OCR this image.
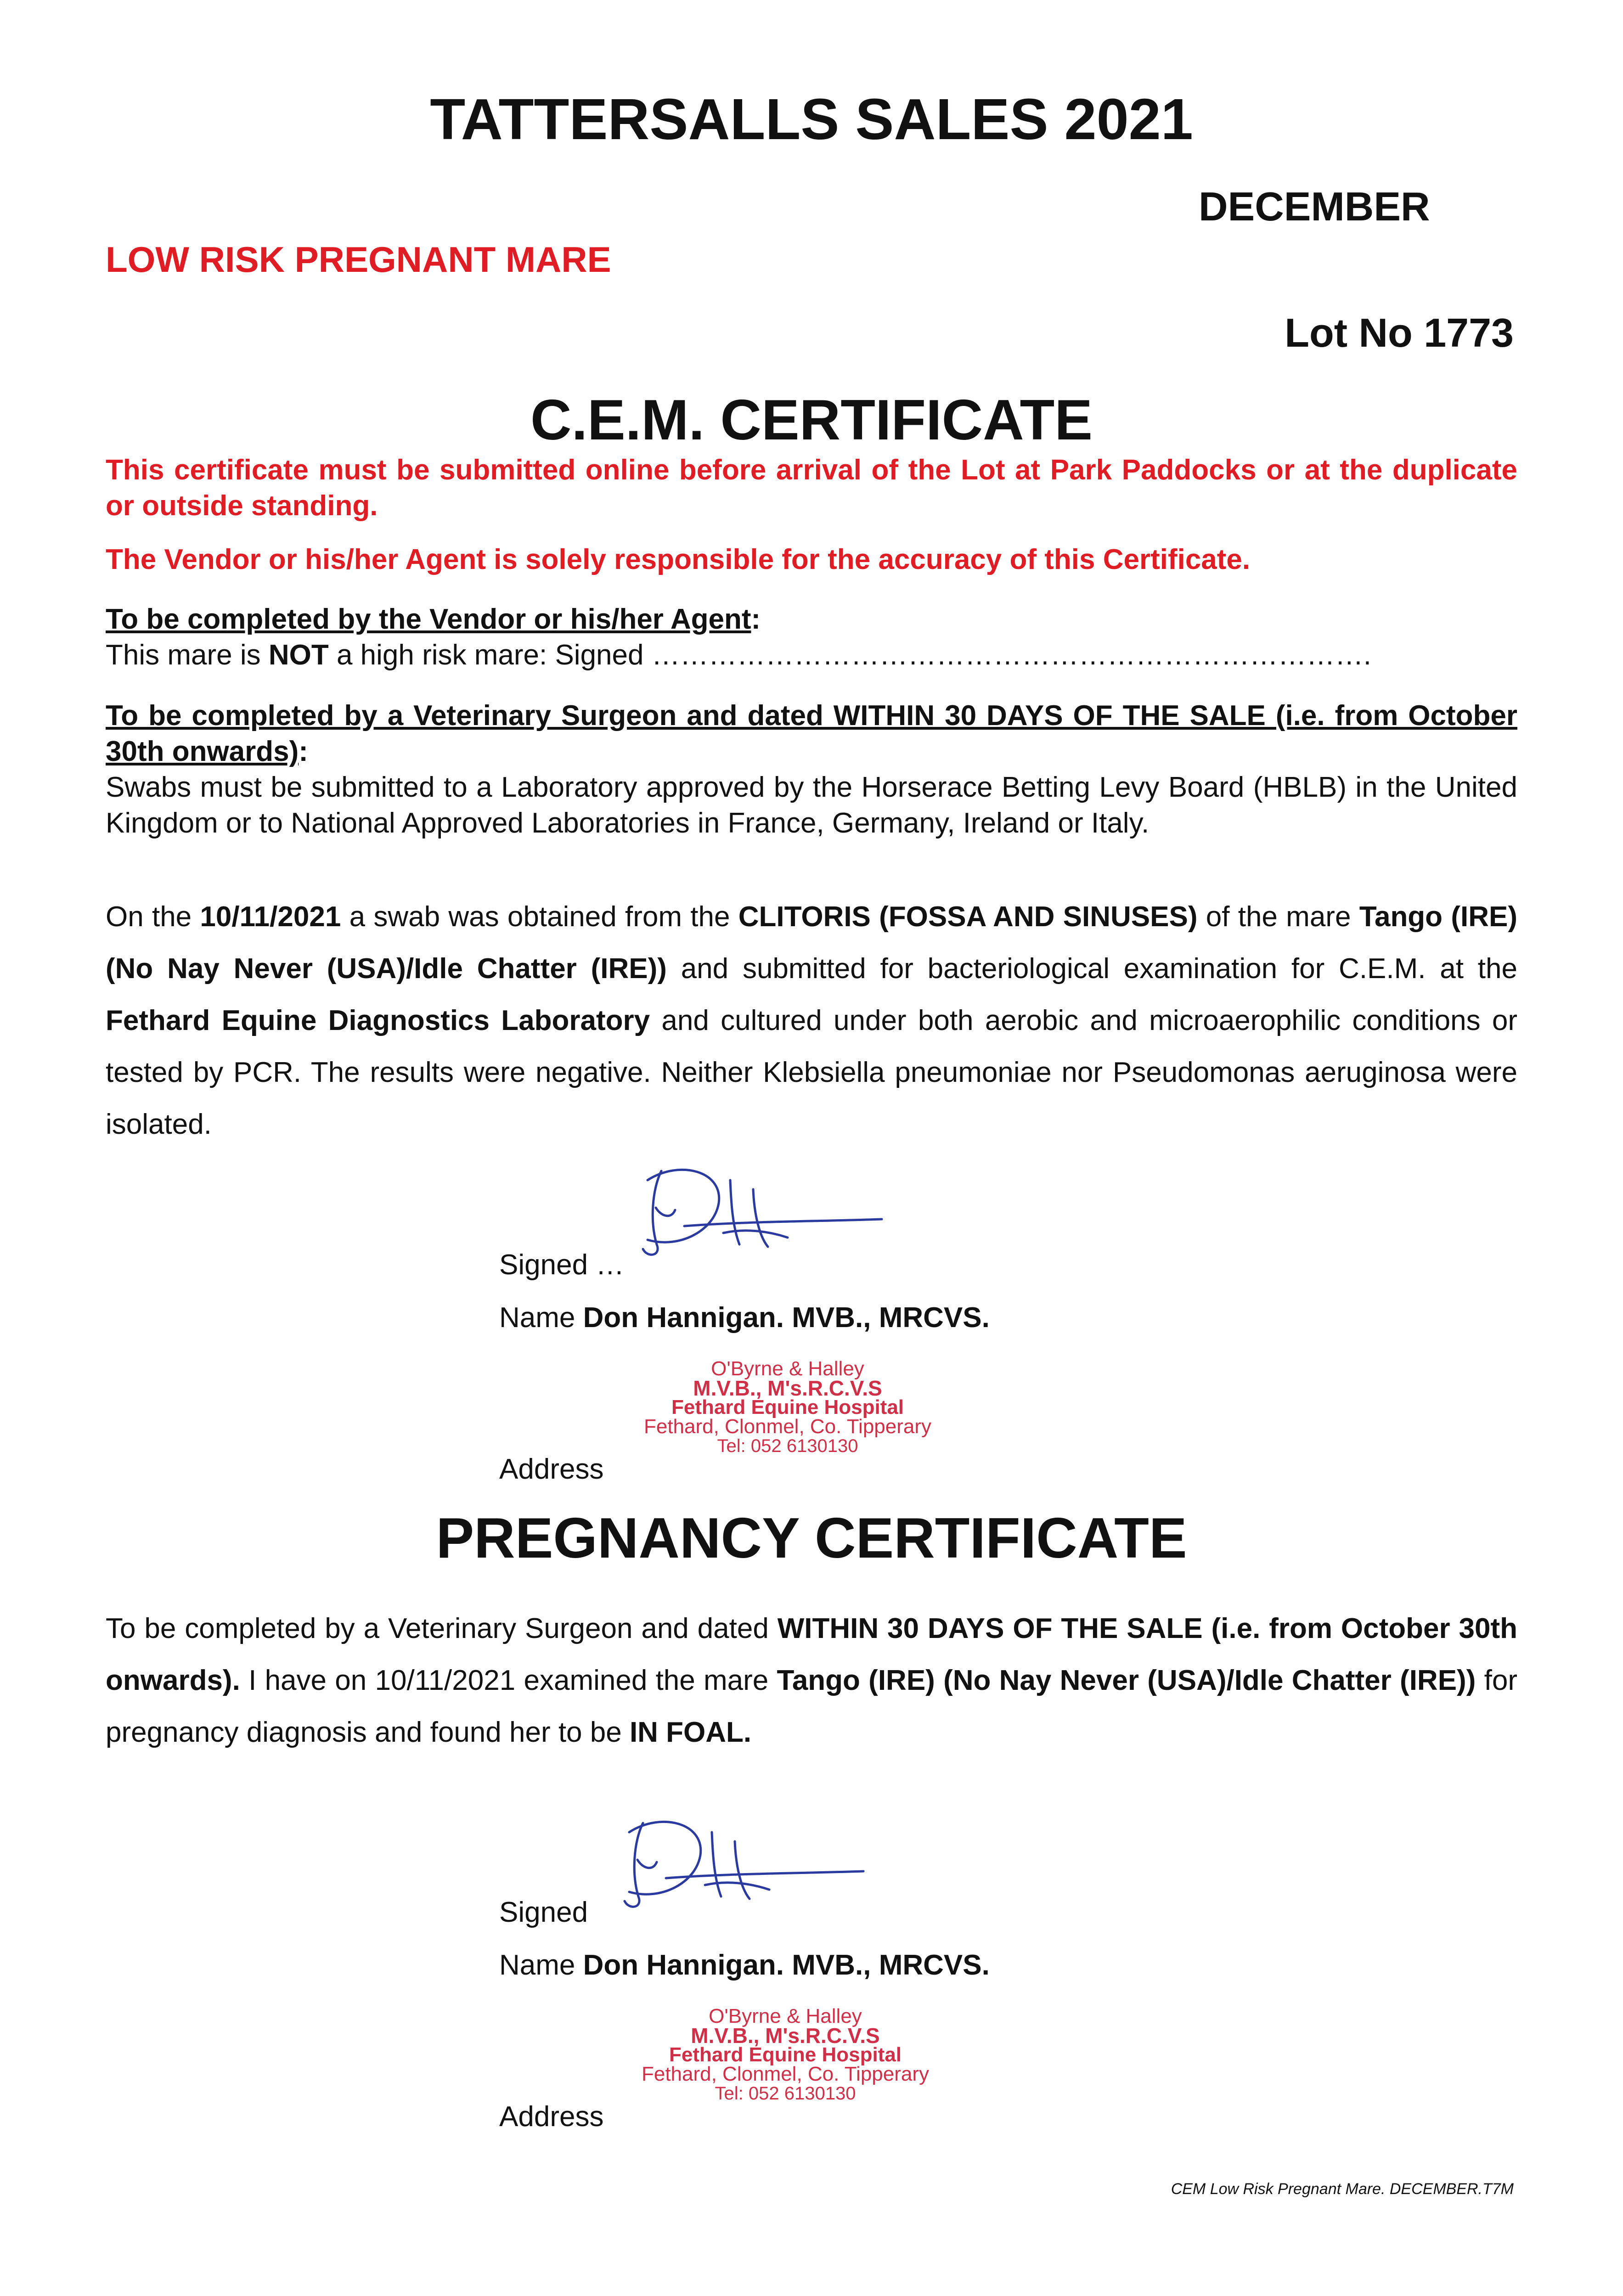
TATTERSALLS SALES 2021
DECEMBER
LOW RISK PREGNANT MARE
Lot No 1773
C.E.M. CERTIFICATE
This certificate must be submitted online before arrival of the Lot at Park Paddocks or at the duplicate or outside standing.
The Vendor or his/her Agent is solely responsible for the accuracy of this Certificate.
To be completed by the Vendor or his/her Agent:
This mare is NOT a high risk mare: Signed ………………………………………………………………….
To be completed by a Veterinary Surgeon and dated WITHIN 30 DAYS OF THE SALE (i.e. from October 30th onwards):
Swabs must be submitted to a Laboratory approved by the Horserace Betting Levy Board (HBLB) in the United Kingdom or to National Approved Laboratories in France, Germany, Ireland or Italy.
On the 10/11/2021 a swab was obtained from the CLITORIS (FOSSA AND SINUSES) of the mare Tango (IRE) (No Nay Never (USA)/Idle Chatter (IRE)) and submitted for bacteriological examination for C.E.M. at the Fethard Equine Diagnostics Laboratory and cultured under both aerobic and microaerophilic conditions or tested by PCR. The results were negative. Neither Klebsiella pneumoniae nor Pseudomonas aeruginosa were isolated.
Signed …
Name Don Hannigan. MVB., MRCVS.
O'Byrne & Halley
M.V.B., M's.R.C.V.S
Fethard Equine Hospital
Fethard, Clonmel, Co. Tipperary
Tel: 052 6130130
Address
PREGNANCY CERTIFICATE
To be completed by a Veterinary Surgeon and dated WITHIN 30 DAYS OF THE SALE (i.e. from October 30th onwards). I have on 10/11/2021 examined the mare Tango (IRE) (No Nay Never (USA)/Idle Chatter (IRE)) for pregnancy diagnosis and found her to be IN FOAL.
Signed
Name Don Hannigan. MVB., MRCVS.
O'Byrne & Halley
M.V.B., M's.R.C.V.S
Fethard Equine Hospital
Fethard, Clonmel, Co. Tipperary
Tel: 052 6130130
Address
CEM Low Risk Pregnant Mare. DECEMBER.T7M
